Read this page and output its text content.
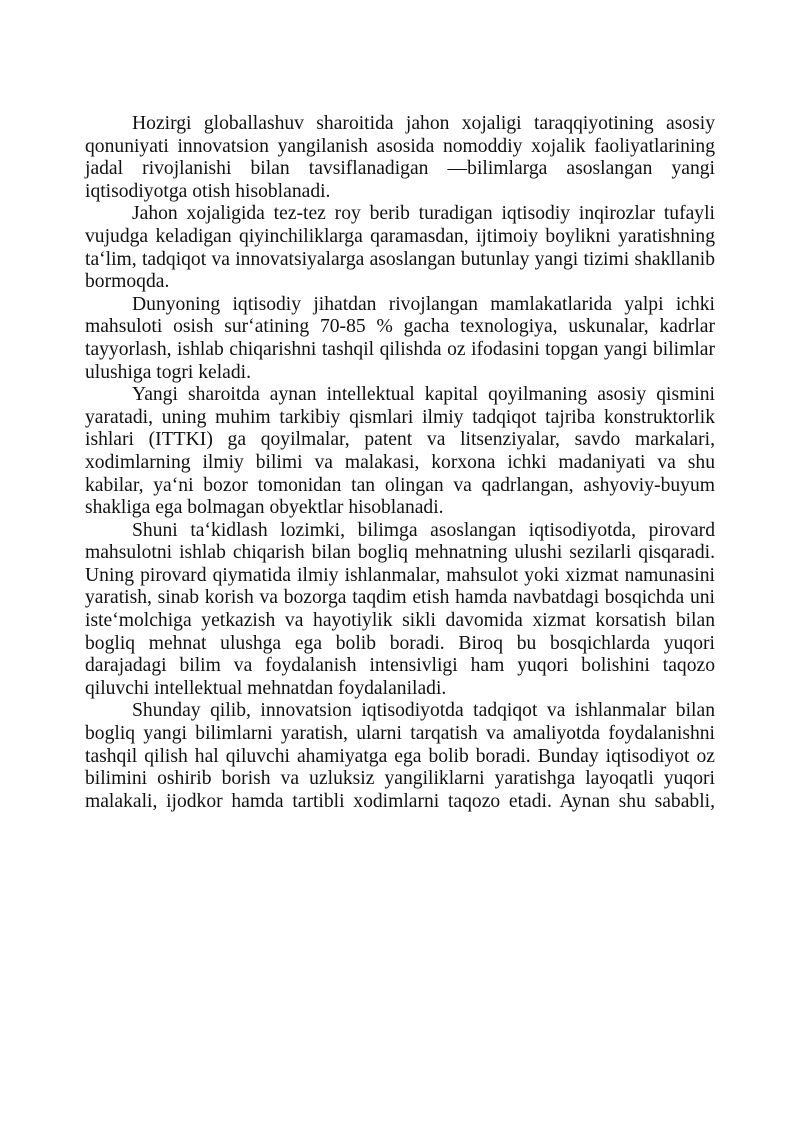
Hozirgi globallashuv sharoitida jahon xojaligi taraqqiyotining asosiy qonuniyati innovatsion yangilanish asosida nomoddiy xojalik faoliyatlarining jadal rivojlanishi bilan tavsiflanadigan —bilimlarga asoslangan yangi iqtisodiyotga otish hisoblanadi.

Jahon xojaligida tez-tez roy berib turadigan iqtisodiy inqirozlar tufayli vujudga keladigan qiyinchiliklarga qaramasdan, ijtimoiy boylikni yaratishning ta‘lim, tadqiqot va innovatsiyalarga asoslangan butunlay yangi tizimi shakllanib bormoqda.

Dunyoning iqtisodiy jihatdan rivojlangan mamlakatlarida yalpi ichki mahsuloti osish sur‘atining 70-85 % gacha texnologiya, uskunalar, kadrlar tayyorlash, ishlab chiqarishni tashqil qilishda oz ifodasini topgan yangi bilimlar ulushiga togri keladi.

Yangi sharoitda aynan intellektual kapital qoyilmaning asosiy qismini yaratadi, uning muhim tarkibiy qismlari ilmiy tadqiqot tajriba konstruktorlik ishlari (ITTKI) ga qoyilmalar, patent va litsenziyalar, savdo markalari, xodimlarning ilmiy bilimi va malakasi, korxona ichki madaniyati va shu kabilar, ya‘ni bozor tomonidan tan olingan va qadrlangan, ashyoviy-buyum shakliga ega bolmagan obyektlar hisoblanadi.

Shuni ta‘kidlash lozimki, bilimga asoslangan iqtisodiyotda, pirovard mahsulotni ishlab chiqarish bilan bogliq mehnatning ulushi sezilarli qisqaradi. Uning pirovard qiymatida ilmiy ishlanmalar, mahsulot yoki xizmat namunasini yaratish, sinab korish va bozorga taqdim etish hamda navbatdagi bosqichda uni iste‘molchiga yetkazish va hayotiylik sikli davomida xizmat korsatish bilan bogliq mehnat ulushga ega bolib boradi. Biroq bu bosqichlarda yuqori darajadagi bilim va foydalanish intensivligi ham yuqori bolishini taqozo qiluvchi intellektual mehnatdan foydalaniladi.

Shunday qilib, innovatsion iqtisodiyotda tadqiqot va ishlanmalar bilan bogliq yangi bilimlarni yaratish, ularni tarqatish va amaliyotda foydalanishni tashqil qilish hal qiluvchi ahamiyatga ega bolib boradi. Bunday iqtisodiyot oz bilimini oshirib borish va uzluksiz yangiliklarni yaratishga layoqatli yuqori malakali, ijodkor hamda tartibli xodimlarni taqozo etadi. Aynan shu sababli,
